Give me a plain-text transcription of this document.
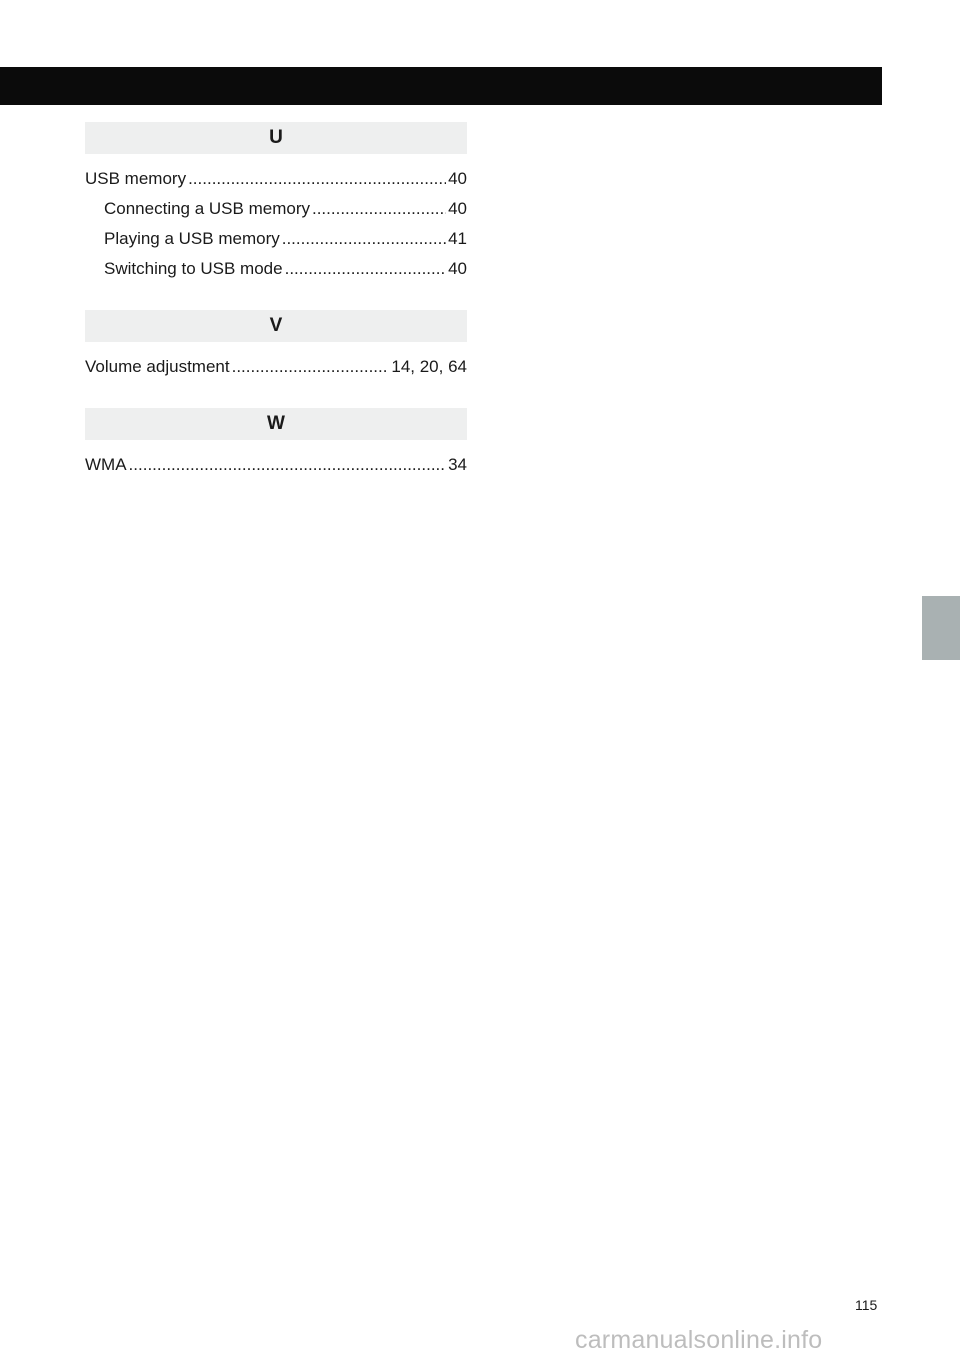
U
USB memory .....	40
Connecting a USB memory .....	40
Playing a USB memory .....	41
Switching to USB mode .....	40
V
Volume adjustment .....	14, 20, 64
W
WMA .....	34
115
carmanualsonline.info
